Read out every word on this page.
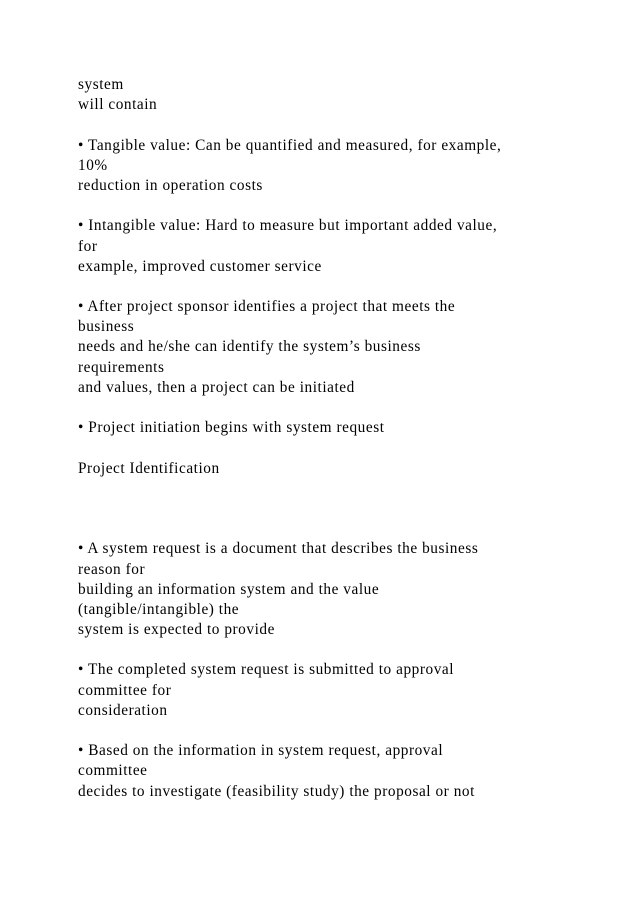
system
will contain
• Tangible value: Can be quantified and measured, for example,
10%
reduction in operation costs
• Intangible value: Hard to measure but important added value,
for
example, improved customer service
• After project sponsor identifies a project that meets the
business
needs and he/she can identify the system’s business
requirements
and values, then a project can be initiated
• Project initiation begins with system request
Project Identification
• A system request is a document that describes the business
reason for
building an information system and the value
(tangible/intangible) the
system is expected to provide
• The completed system request is submitted to approval
committee for
consideration
• Based on the information in system request, approval
committee
decides to investigate (feasibility study) the proposal or not
